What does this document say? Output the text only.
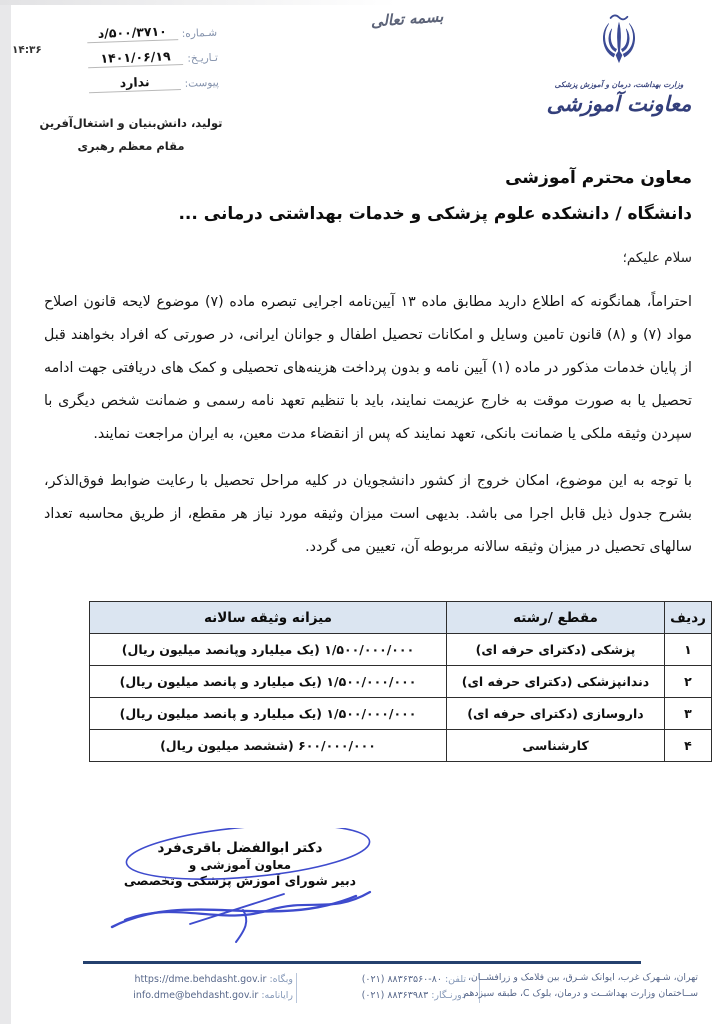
بسمه تعالی
وزارت بهداشت، درمان و آموزش پزشکی
معاونت آموزشی
شـماره:
۵۰۰/۳۷۱۰/د
تـاریـخ:
۱۴۰۱/۰۶/۱۹
پیوست:
ندارد
۱۴:۳۶
تولید، دانش‌بنیان و اشتغال‌آفرین
مقام معظم رهبری
معاون محترم آموزشی
دانشگاه / دانشکده علوم پزشکی و خدمات بهداشتی درمانی ...
سلام علیکم؛

احتراماً، همانگونه که اطلاع دارید مطابق ماده ۱۳ آیین‌نامه اجرایی تبصره ماده (۷) موضوع لایحه قانون اصلاح مواد (۷) و (۸) قانون تامین وسایل و امکانات تحصیل اطفال و جوانان ایرانی، در صورتی که افراد بخواهند قبل از پایان خدمات مذکور در ماده (۱) آیین نامه و بدون پرداخت هزینه‌های تحصیلی و کمک های دریافتی جهت ادامه تحصیل یا به صورت موقت به خارج عزیمت نمایند، باید با تنظیم تعهد نامه رسمی و ضمانت شخص دیگری با سپردن وثیقه ملکی یا ضمانت بانکی، تعهد نمایند که پس از انقضاء مدت معین، به ایران مراجعت نمایند.

با توجه به این موضوع، امکان خروج از کشور دانشجویان در کلیه مراحل تحصیل با رعایت ضوابط فوق‌الذکر، بشرح جدول ذیل قابل اجرا می باشد. بدیهی است میزان وثیقه مورد نیاز هر مقطع، از طریق محاسبه تعداد سالهای تحصیل در میزان وثیقه سالانه مربوطه آن، تعیین می گردد.

ردیف	مقطع /رشته	میزانه وثیقه سالانه
۱	پزشکی (دکترای حرفه ای)	۱/۵۰۰/۰۰۰/۰۰۰ (یک میلیارد وپانصد میلیون ریال)
۲	دندانپزشکی (دکترای حرفه ای)	۱/۵۰۰/۰۰۰/۰۰۰ (یک میلیارد و پانصد میلیون ریال)
۳	داروسازی (دکترای حرفه ای)	۱/۵۰۰/۰۰۰/۰۰۰ (یک میلیارد و پانصد میلیون ریال)
۴	کارشناسی	۶۰۰/۰۰۰/۰۰۰ (ششصد میلیون ریال)
دکتر ابوالفضل باقری‌فرد
معاون آموزشی و
دبیر شورای آموزش پزشکی وتخصصی
وبگاه: https://dme.behdasht.gov.ir
رایانامه: info.dme@behdasht.gov.ir
تلفن: ۸۰-۸۸۳۶۳۵۶۰ (۰۲۱)
دورنـگار: ۸۸۳۶۳۹۸۳ (۰۲۱)
تهران، شـهرک غرب، ایوانک شـرق، بین فلامک و زرافشــان،
ســاختمان وزارت بهداشــت و درمان، بلوک C، طبقه سیزدهم
